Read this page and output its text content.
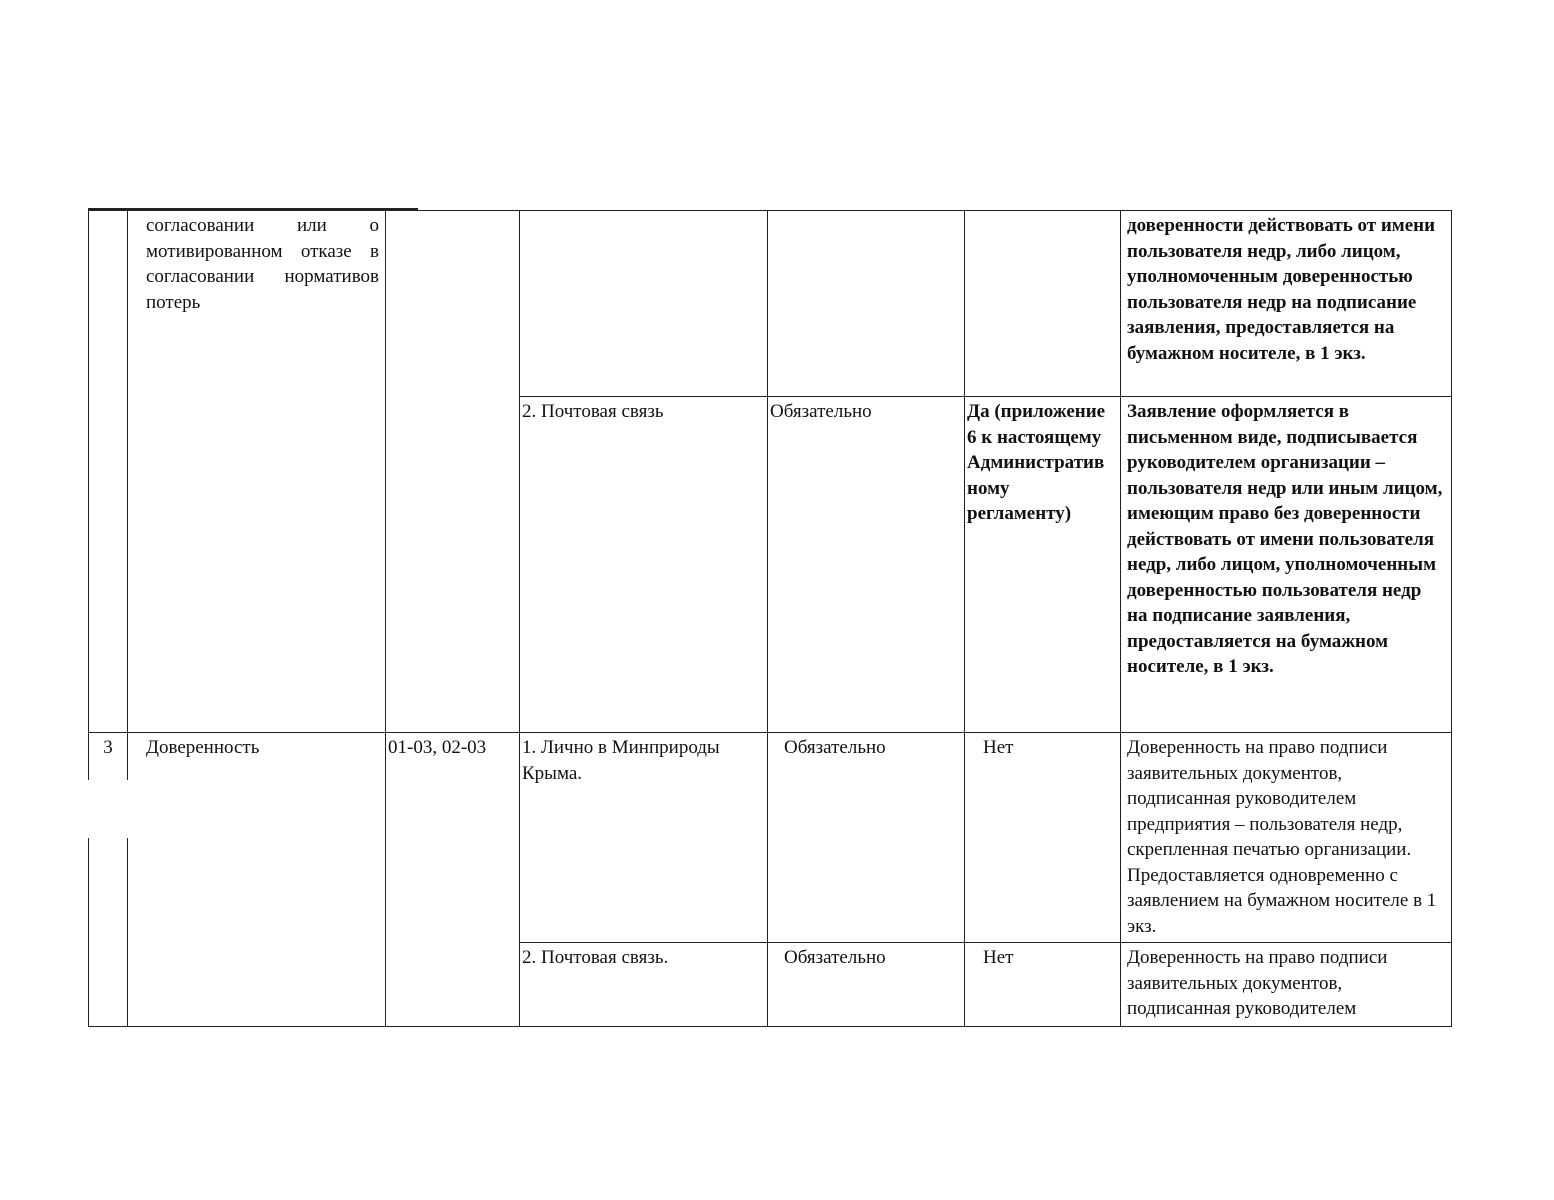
	согласовании или о мотивированном отказе в согласовании нормативов потерь					доверенности действовать от имени пользователя недр, либо лицом, уполномоченным доверенностью пользователя недр на подписание заявления, предоставляется на бумажном носителе, в 1 экз.
			2. Почтовая связь	Обязательно	Да (приложение 6 к настоящему Административ ному регламенту)	Заявление оформляется в письменном виде, подписывается руководителем организации – пользователя недр или иным лицом, имеющим право без доверенности действовать от имени пользователя недр, либо лицом, уполномоченным доверенностью пользователя недр на подписание заявления, предоставляется на бумажном носителе, в 1 экз.
3	Доверенность	01-03, 02-03	1. Лично в Минприроды Крыма.	Обязательно	Нет	Доверенность на право подписи заявительных документов, подписанная руководителем предприятия – пользователя недр, скрепленная печатью организации. Предоставляется одновременно с заявлением на бумажном носителе в 1 экз.
			2. Почтовая связь.	Обязательно	Нет	Доверенность на право подписи заявительных документов, подписанная руководителем
